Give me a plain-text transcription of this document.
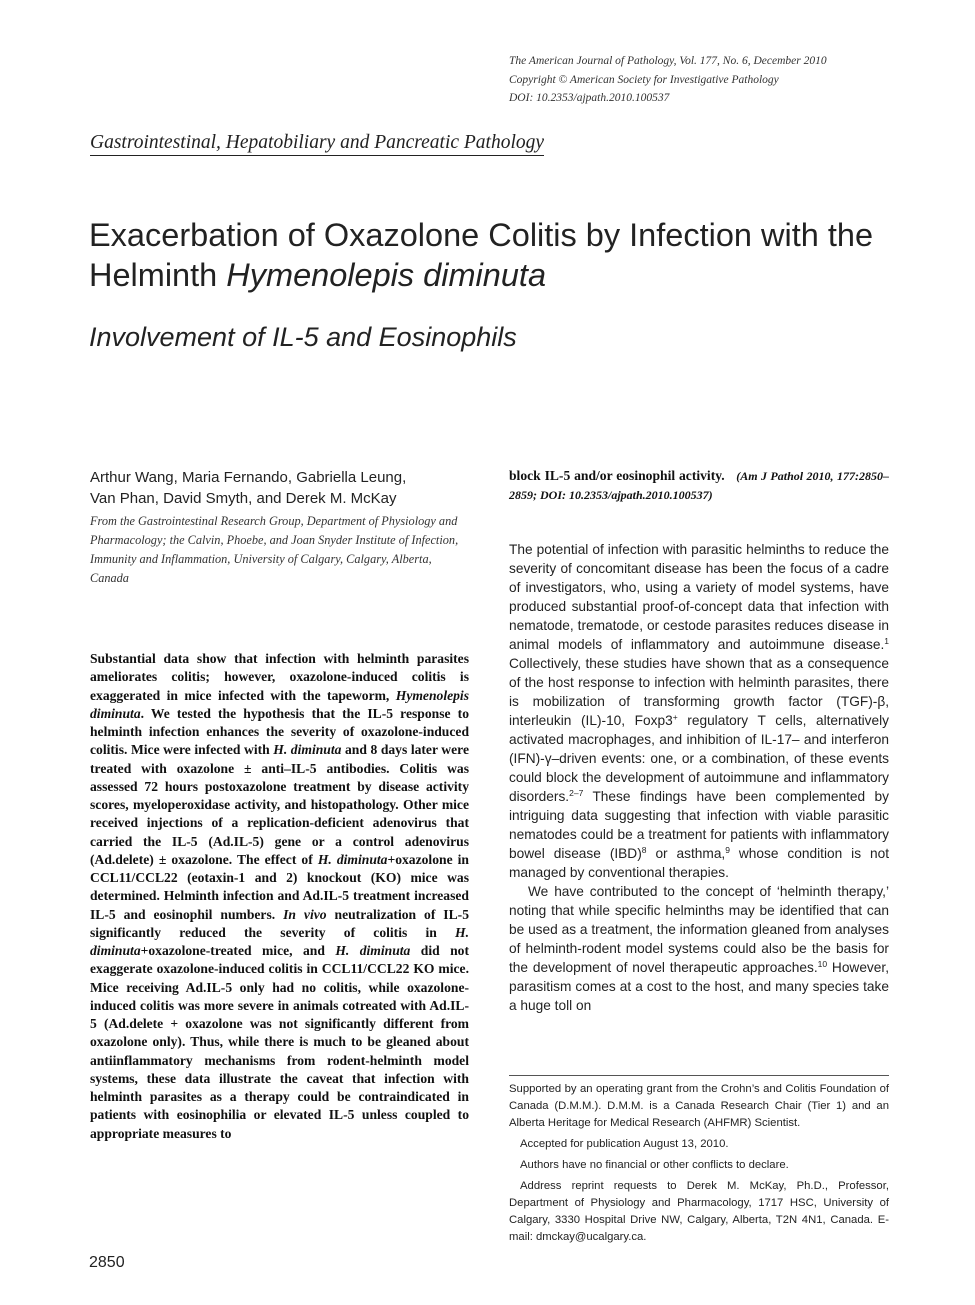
The American Journal of Pathology, Vol. 177, No. 6, December 2010
Copyright © American Society for Investigative Pathology
DOI: 10.2353/ajpath.2010.100537
Gastrointestinal, Hepatobiliary and Pancreatic Pathology
Exacerbation of Oxazolone Colitis by Infection with the Helminth Hymenolepis diminuta
Involvement of IL-5 and Eosinophils
Arthur Wang, Maria Fernando, Gabriella Leung,
Van Phan, David Smyth, and Derek M. McKay
From the Gastrointestinal Research Group, Department of Physiology and Pharmacology; the Calvin, Phoebe, and Joan Snyder Institute of Infection, Immunity and Inflammation, University of Calgary, Calgary, Alberta, Canada

Substantial data show that infection with helminth parasites ameliorates colitis; however, oxazolone-induced colitis is exaggerated in mice infected with the tapeworm, Hymenolepis diminuta. We tested the hypothesis that the IL-5 response to helminth infection enhances the severity of oxazolone-induced colitis. Mice were infected with H. diminuta and 8 days later were treated with oxazolone ± anti–IL-5 antibodies. Colitis was assessed 72 hours postoxazolone treatment by disease activity scores, myeloperoxidase activity, and histopathology. Other mice received injections of a replication-deficient adenovirus that carried the IL-5 (Ad.IL-5) gene or a control adenovirus (Ad.delete) ± oxazolone. The effect of H. diminuta+oxazolone in CCL11/CCL22 (eotaxin-1 and 2) knockout (KO) mice was determined. Helminth infection and Ad.IL-5 treatment increased IL-5 and eosinophil numbers. In vivo neutralization of IL-5 significantly reduced the severity of colitis in H. diminuta+oxazolone-treated mice, and H. diminuta did not exaggerate oxazolone-induced colitis in CCL11/CCL22 KO mice. Mice receiving Ad.IL-5 only had no colitis, while oxazolone-induced colitis was more severe in animals cotreated with Ad.IL-5 (Ad.delete + oxazolone was not significantly different from oxazolone only). Thus, while there is much to be gleaned about antiinflammatory mechanisms from rodent-helminth model systems, these data illustrate the caveat that infection with helminth parasites as a therapy could be contraindicated in patients with eosinophilia or elevated IL-5 unless coupled to appropriate measures to

block IL-5 and/or eosinophil activity. (Am J Pathol 2010, 177:2850–2859; DOI: 10.2353/ajpath.2010.100537)

The potential of infection with parasitic helminths to reduce the severity of concomitant disease has been the focus of a cadre of investigators, who, using a variety of model systems, have produced substantial proof-of-concept data that infection with nematode, trematode, or cestode parasites reduces disease in animal models of inflammatory and autoimmune disease.$^1$ Collectively, these studies have shown that as a consequence of the host response to infection with helminth parasites, there is mobilization of transforming growth factor (TGF)-β, interleukin (IL)-10, Foxp3+ regulatory T cells, alternatively activated macrophages, and inhibition of IL-17– and interferon (IFN)-γ–driven events: one, or a combination, of these events could block the development of autoimmune and inflammatory disorders.$^{2-7}$ These findings have been complemented by intriguing data suggesting that infection with viable parasitic nematodes could be a treatment for patients with inflammatory bowel disease (IBD)$^8$ or asthma,$^9$ whose condition is not managed by conventional therapies.

We have contributed to the concept of ‘helminth therapy,’ noting that while specific helminths may be identified that can be used as a treatment, the information gleaned from analyses of helminth-rodent model systems could also be the basis for the development of novel therapeutic approaches.$^{10}$ However, parasitism comes at a cost to the host, and many species take a huge toll on

Supported by an operating grant from the Crohn’s and Colitis Foundation of Canada (D.M.M.). D.M.M. is a Canada Research Chair (Tier 1) and an Alberta Heritage for Medical Research (AHFMR) Scientist.

Accepted for publication August 13, 2010.

Authors have no financial or other conflicts to declare.

Address reprint requests to Derek M. McKay, Ph.D., Professor, Department of Physiology and Pharmacology, 1717 HSC, University of Calgary, 3330 Hospital Drive NW, Calgary, Alberta, T2N 4N1, Canada. E-mail: dmckay@ucalgary.ca.

2850
